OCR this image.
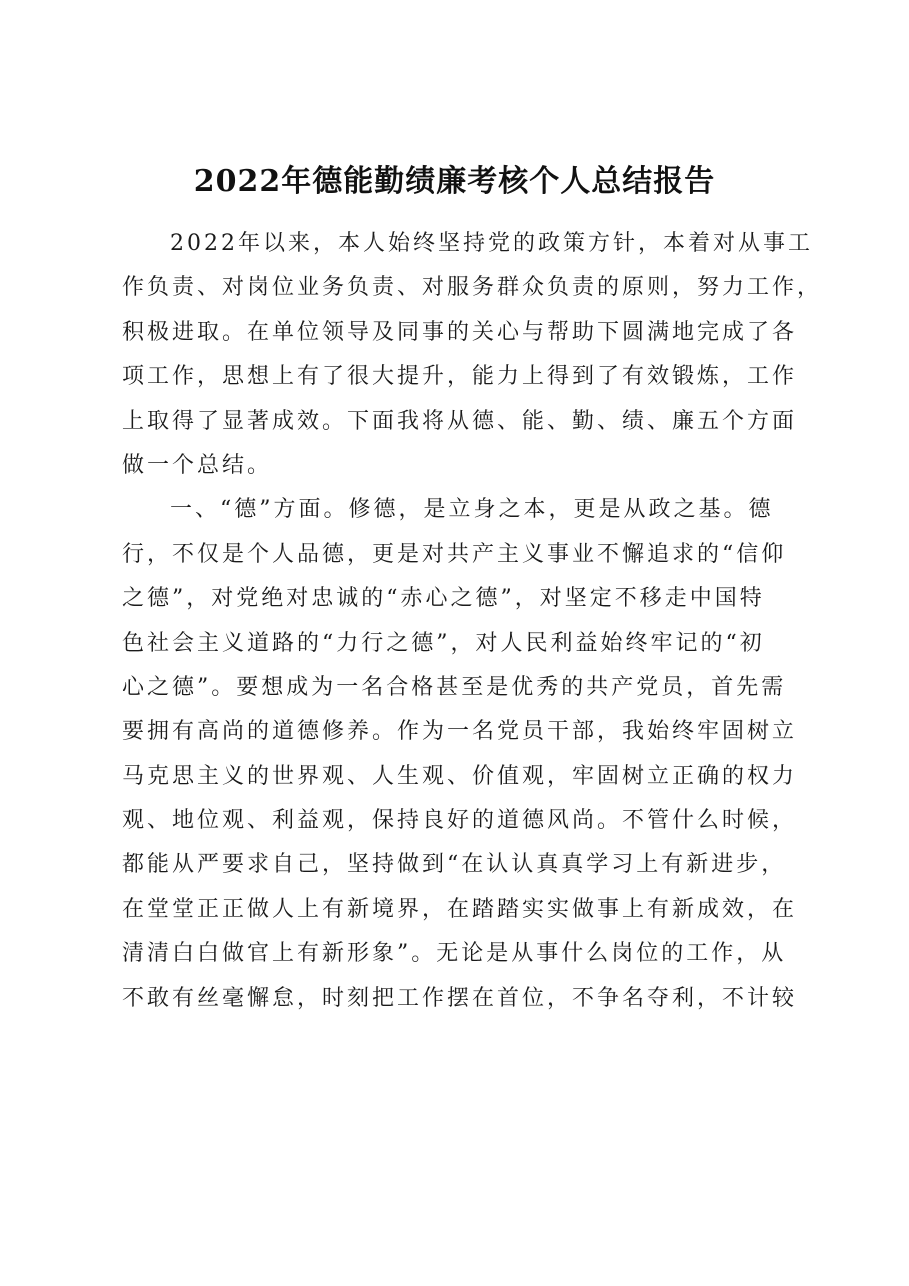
2022年德能勤绩廉考核个人总结报告
2022年以来，本人始终坚持党的政策方针，本着对从事工
作负责、对岗位业务负责、对服务群众负责的原则，努力工作，
积极进取。在单位领导及同事的关心与帮助下圆满地完成了各
项工作，思想上有了很大提升，能力上得到了有效锻炼，工作
上取得了显著成效。下面我将从德、能、勤、绩、廉五个方面
做一个总结。
一、“德”方面。修德，是立身之本，更是从政之基。德
行，不仅是个人品德，更是对共产主义事业不懈追求的“信仰
之德”，对党绝对忠诚的“赤心之德”，对坚定不移走中国特
色社会主义道路的“力行之德”，对人民利益始终牢记的“初
心之德”。要想成为一名合格甚至是优秀的共产党员，首先需
要拥有高尚的道德修养。作为一名党员干部，我始终牢固树立
马克思主义的世界观、人生观、价值观，牢固树立正确的权力
观、地位观、利益观，保持良好的道德风尚。不管什么时候，
都能从严要求自己，坚持做到“在认认真真学习上有新进步，
在堂堂正正做人上有新境界，在踏踏实实做事上有新成效，在
清清白白做官上有新形象”。无论是从事什么岗位的工作，从
不敢有丝毫懈怠，时刻把工作摆在首位，不争名夺利，不计较
